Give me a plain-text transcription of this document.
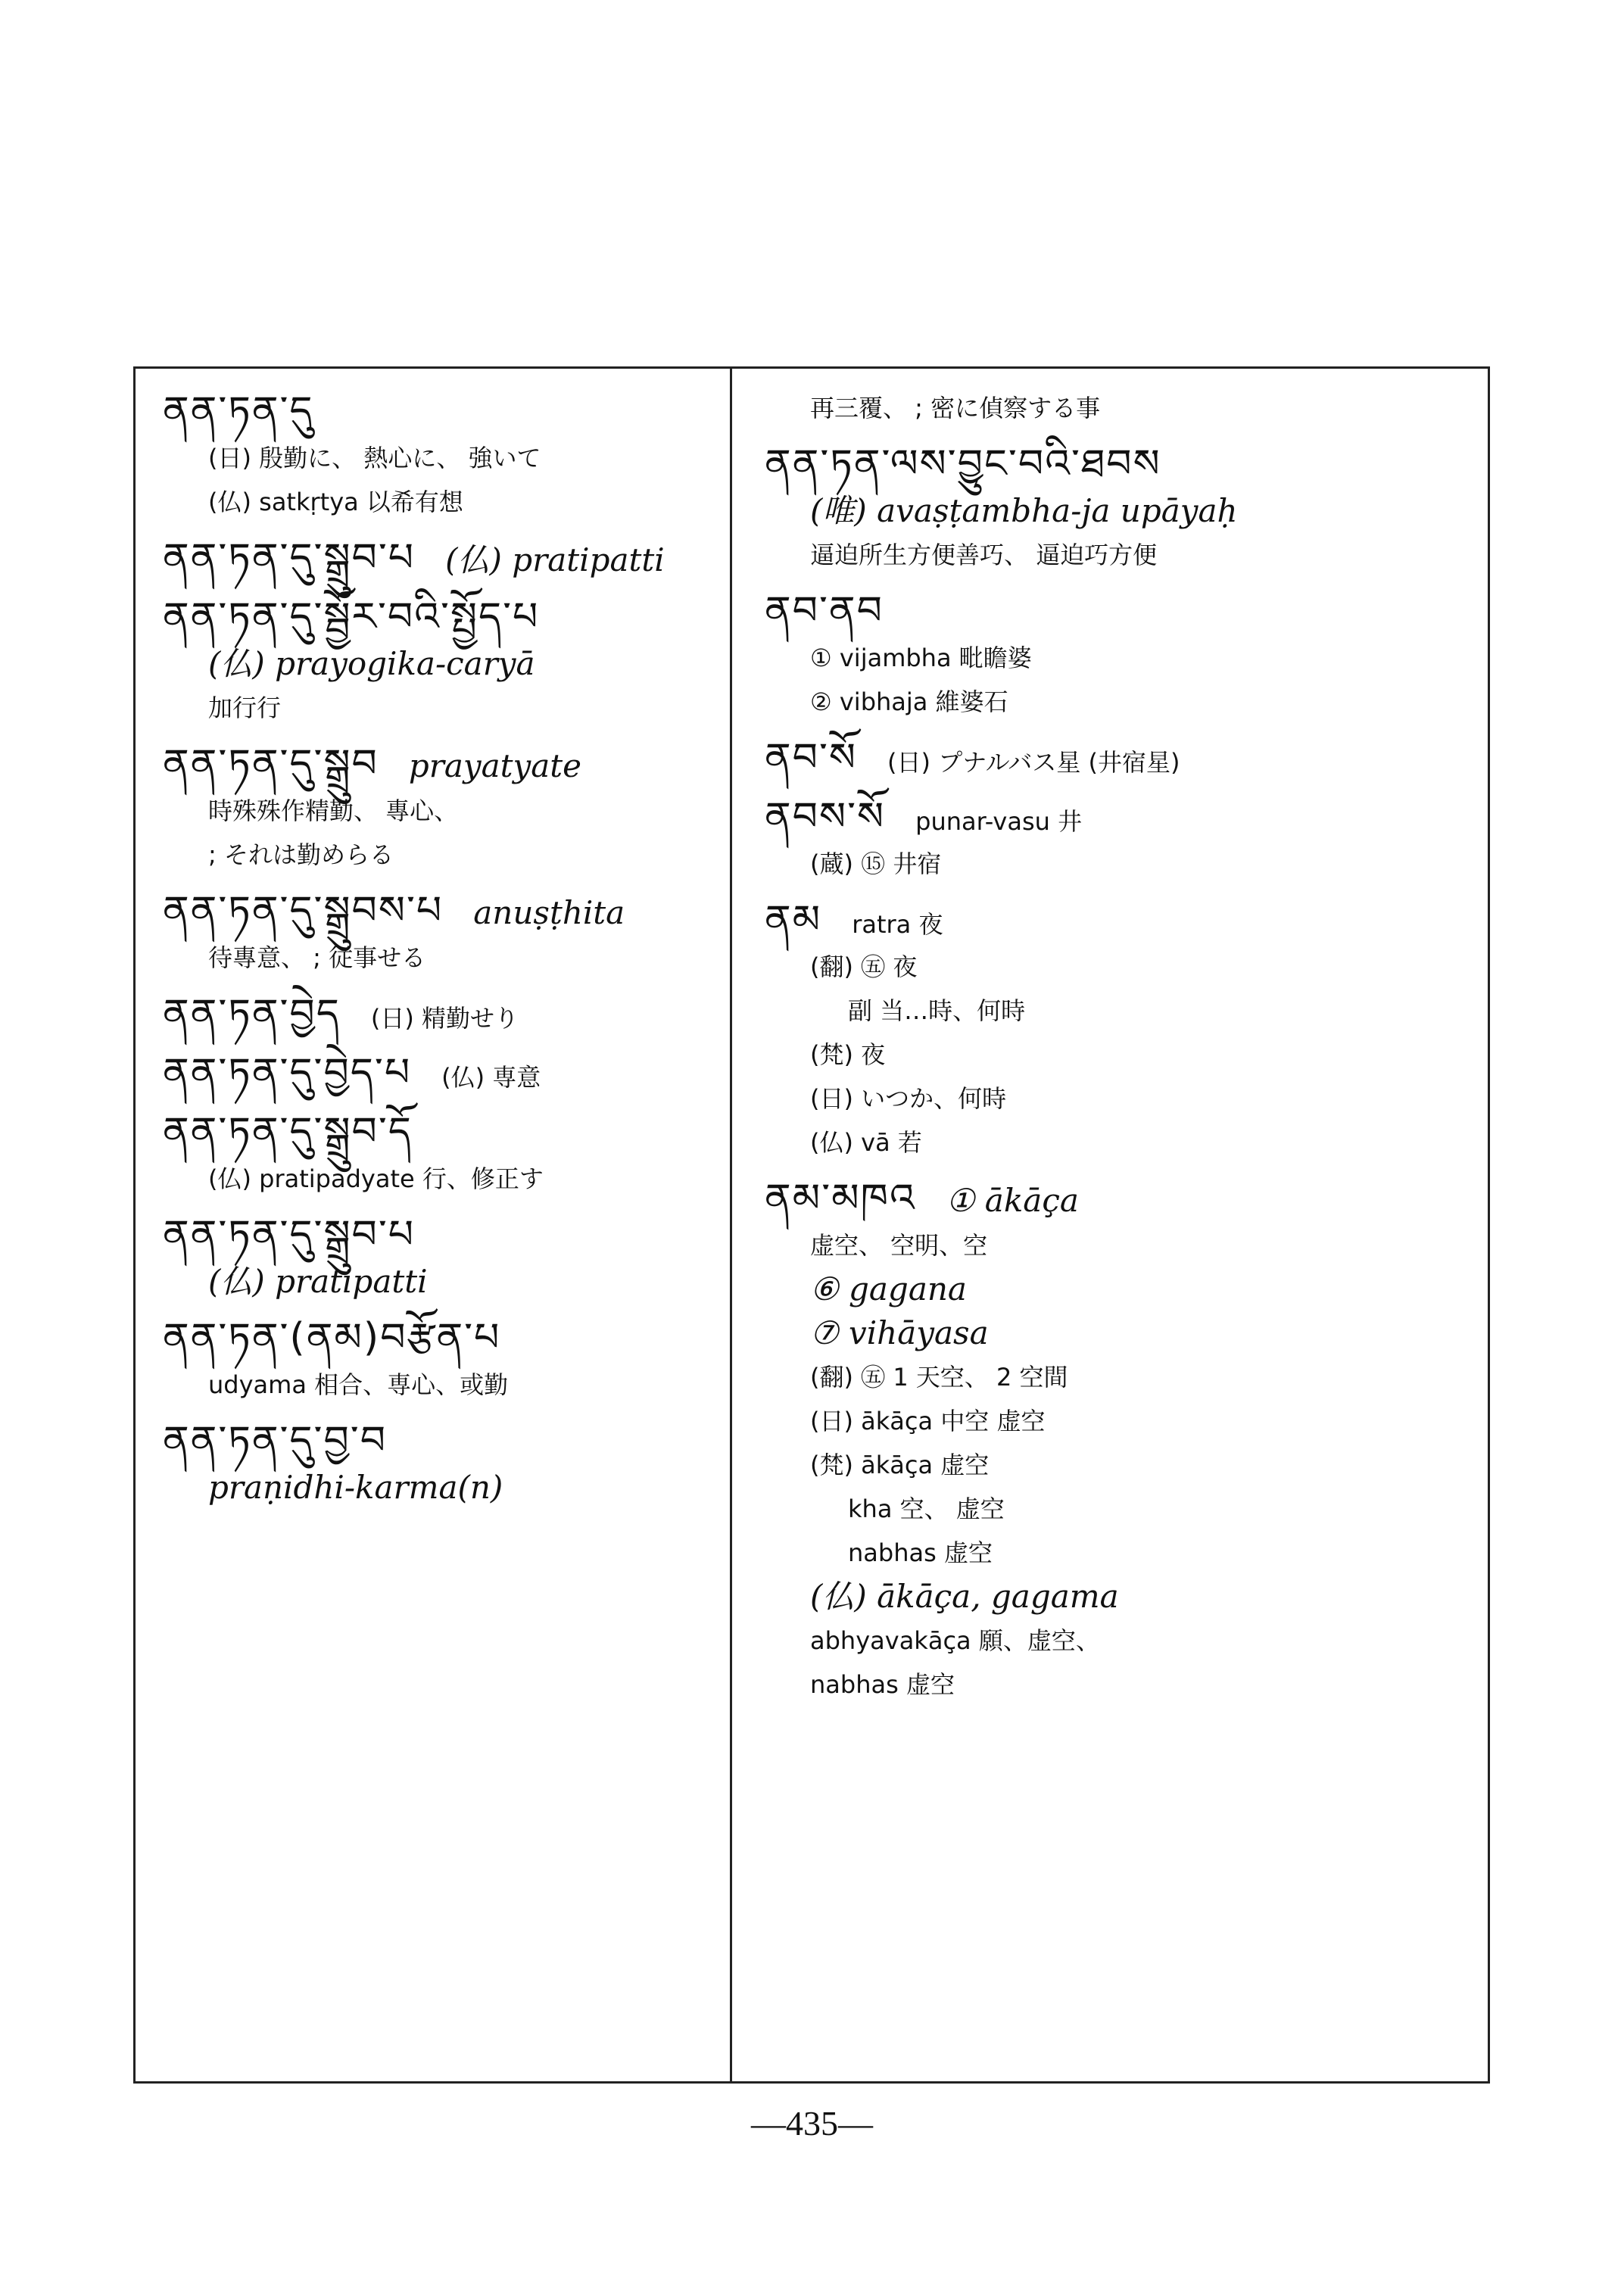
ནན་ཏན་དུ
(日) 殷勤に、 熱心に、 強いて
(仏) satkṛtya 以希有想
ནན་ཏན་དུ་སྒྲུབ་པ (仏) pratipatti
ནན་ཏན་དུ་སྦྱོར་བའི་སྤྱོད་པ
(仏) prayogika-caryā
加行行
ནན་ཏན་དུ་སྒྲུབ prayatyate
時殊殊作精勤、 專心、
; それは勤めらる
ནན་ཏན་དུ་སྒྲུབས་པ anuṣṭhita
待專意、 ; 従事せる
ནན་ཏན་བྱེད (日) 精勤せり
ནན་ཏན་དུ་བྱེད་པ (仏) 専意
ནན་ཏན་དུ་སྒྲུབ་དོ
(仏) pratipadyate 行、修正す
ནན་ཏན་དུ་སྒྲུབ་པ
(仏) pratipatti
ནན་ཏན་(ནམ)བརྩོན་པ
udyama 相合、専心、或勤
ནན་ཏན་དུ་བྱ་བ
praṇidhi-karma(n)
再三覆、 ; 密に偵察する事
ནན་ཏན་ལས་བྱུང་བའི་ཐབས
(唯) avaṣṭambha-ja upāyaḥ
逼迫所生方便善巧、 逼迫巧方便
ནབ་ནབ
① vijambha 毗瞻婆
② vibhaja 維婆石
ནབ་སོ (日) プナルバス星 (井宿星)
ནབས་སོ punar-vasu 井
(蔵) ⑮ 井宿
ནམ ratra 夜
(翻) ㊄ 夜
副 当…時、何時
(梵) 夜
(日) いつか、何時
(仏) vā 若
ནམ་མཁའ ① ākāça
虚空、 空明、空
⑥ gagana
⑦ vihāyasa
(翻) ㊄ 1 天空、 2 空間
(日) ākāça 中空 虚空
(梵) ākāça 虚空
kha 空、 虚空
nabhas 虚空
(仏) ākāça, gagama
abhyavakāça 願、虚空、
nabhas 虚空
—435—
